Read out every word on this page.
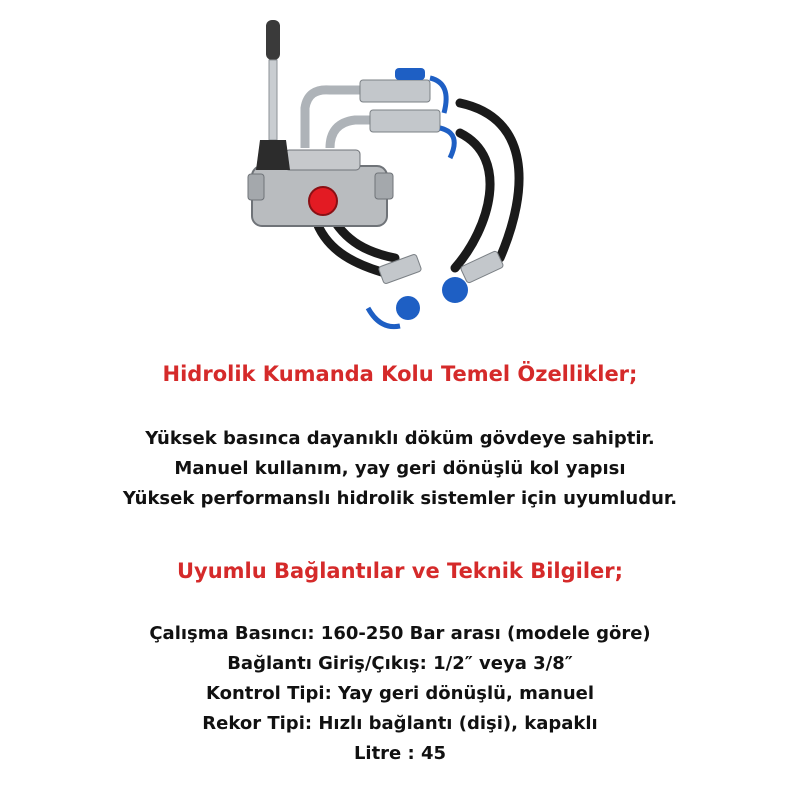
Hidrolik Kumanda Kolu Temel Özellikler;
Yüksek basınca dayanıklı döküm gövdeye sahiptir.
Manuel kullanım, yay geri dönüşlü kol yapısı
Yüksek performanslı hidrolik sistemler için uyumludur.
Uyumlu Bağlantılar ve Teknik Bilgiler;
Çalışma Basıncı: 160-250 Bar arası (modele göre)
Bağlantı Giriş/Çıkış: 1/2″ veya 3/8″
Kontrol Tipi: Yay geri dönüşlü, manuel
Rekor Tipi: Hızlı bağlantı (dişi), kapaklı
Litre : 45
